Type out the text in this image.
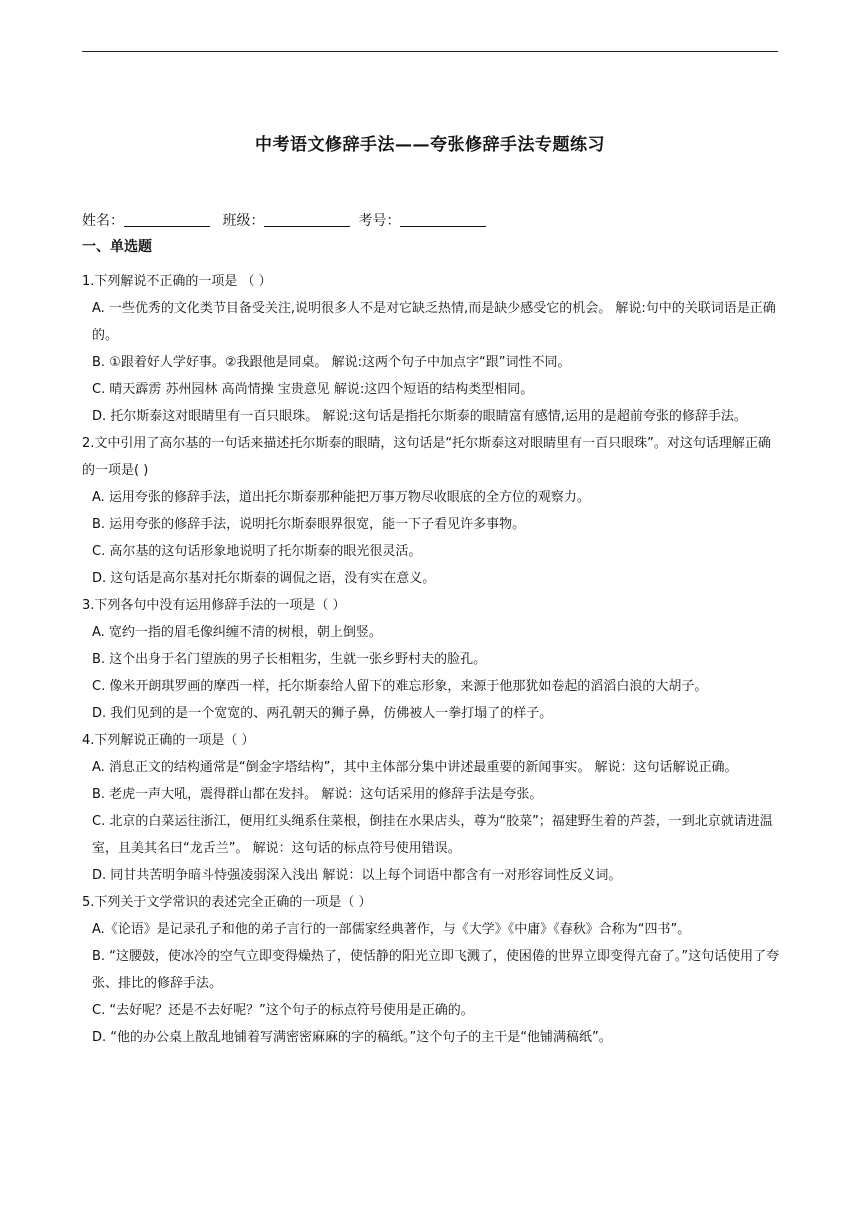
中考语文修辞手法——夸张修辞手法专题练习
姓名：	班级：	考号：
一、单选题

1.下列解说不正确的一项是 （ ）

A. 一些优秀的文化类节目备受关注,说明很多人不是对它缺乏热情,而是缺少感受它的机会。 解说:句中的关联词语是正确的。

B. ①跟着好人学好事。②我跟他是同桌。 解说:这两个句子中加点字“跟”词性不同。

C. 晴天霹雳 苏州园林 高尚情操 宝贵意见 解说:这四个短语的结构类型相同。

D. 托尔斯泰这对眼睛里有一百只眼珠。 解说:这句话是指托尔斯泰的眼睛富有感情,运用的是超前夸张的修辞手法。

2.文中引用了高尔基的一句话来描述托尔斯泰的眼睛，这句话是“托尔斯泰这对眼睛里有一百只眼珠”。对这句话理解正确的一项是( )

A. 运用夸张的修辞手法，道出托尔斯泰那种能把万事万物尽收眼底的全方位的观察力。

B. 运用夸张的修辞手法，说明托尔斯泰眼界很宽，能一下子看见许多事物。

C. 高尔基的这句话形象地说明了托尔斯泰的眼光很灵活。

D. 这句话是高尔基对托尔斯泰的调侃之语，没有实在意义。

3.下列各句中没有运用修辞手法的一项是（ ）

A. 宽约一指的眉毛像纠缠不清的树根，朝上倒竖。

B. 这个出身于名门望族的男子长相粗劣，生就一张乡野村夫的脸孔。

C. 像米开朗琪罗画的摩西一样，托尔斯泰给人留下的难忘形象，来源于他那犹如卷起的滔滔白浪的大胡子。

D. 我们见到的是一个宽宽的、两孔朝天的狮子鼻，仿佛被人一拳打塌了的样子。

4.下列解说正确的一项是（ ）

A. 消息正文的结构通常是“倒金字塔结构”，其中主体部分集中讲述最重要的新闻事实。 解说：这句话解说正确。

B. 老虎一声大吼，震得群山都在发抖。 解说：这句话采用的修辞手法是夸张。

C. 北京的白菜运往浙江，便用红头绳系住菜根，倒挂在水果店头，尊为“胶菜”；福建野生着的芦荟，一到北京就请进温室，且美其名曰“龙舌兰”。 解说：这句话的标点符号使用错误。

D. 同甘共苦明争暗斗恃强凌弱深入浅出 解说：以上每个词语中都含有一对形容词性反义词。

5.下列关于文学常识的表述完全正确的一项是（ ）

A.《论语》是记录孔子和他的弟子言行的一部儒家经典著作，与《大学》《中庸》《春秋》合称为“四书”。

B. “这腰鼓，使冰冷的空气立即变得燥热了，使恬静的阳光立即飞溅了，使困倦的世界立即变得亢奋了。”这句话使用了夸张、排比的修辞手法。

C. “去好呢？还是不去好呢？”这个句子的标点符号使用是正确的。

D. “他的办公桌上散乱地铺着写满密密麻麻的字的稿纸。”这个句子的主干是“他铺满稿纸”。
